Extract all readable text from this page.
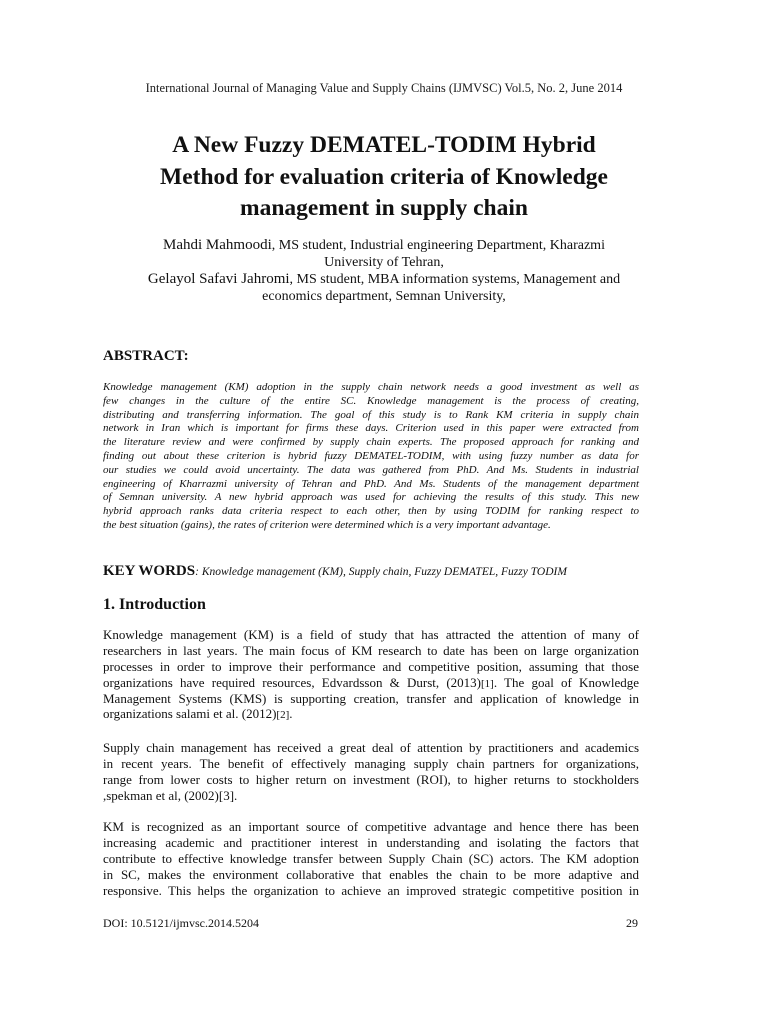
International Journal of Managing Value and Supply Chains (IJMVSC) Vol.5, No. 2, June 2014
A New Fuzzy DEMATEL-TODIM Hybrid
Method for evaluation criteria of Knowledge
management in supply chain
Mahdi Mahmoodi, MS student, Industrial engineering Department, Kharazmi
University of Tehran,
Gelayol Safavi Jahromi, MS student, MBA information systems, Management and
economics department, Semnan University,
ABSTRACT:
Knowledge management (KM) adoption in the supply chain network needs a good investment as well as
few changes in the culture of the entire SC. Knowledge management is the process of creating,
distributing and transferring information. The goal of this study is to Rank KM criteria in supply chain
network in Iran which is important for firms these days. Criterion used in this paper were extracted from
the literature review and were confirmed by supply chain experts. The proposed approach for ranking and
finding out about these criterion is hybrid fuzzy DEMATEL-TODIM, with using fuzzy number as data for
our studies we could avoid uncertainty. The data was gathered from PhD. And Ms. Students in industrial
engineering of Kharrazmi university of Tehran and PhD. And Ms. Students of the management department
of Semnan university. A new hybrid approach was used for achieving the results of this study. This new
hybrid approach ranks data criteria respect to each other, then by using TODIM for ranking respect to
the best situation (gains), the rates of criterion were determined which is a very important advantage.
KEY WORDS: Knowledge management (KM), Supply chain, Fuzzy DEMATEL, Fuzzy TODIM
1. Introduction
Knowledge management (KM) is a field of study that has attracted the attention of many of
researchers in last years. The main focus of KM research to date has been on large organization
processes in order to improve their performance and competitive position, assuming that those
organizations have required resources, Edvardsson & Durst, (2013)[1]. The goal of Knowledge
Management Systems (KMS) is supporting creation, transfer and application of knowledge in
organizations salami et al. (2012)[2].
Supply chain management has received a great deal of attention by practitioners and academics
in recent years. The benefit of effectively managing supply chain partners for organizations,
range from lower costs to higher return on investment (ROI), to higher returns to stockholders
,spekman et al, (2002)[3].
KM is recognized as an important source of competitive advantage and hence there has been
increasing academic and practitioner interest in understanding and isolating the factors that
contribute to effective knowledge transfer between Supply Chain (SC) actors. The KM adoption
in SC, makes the environment collaborative that enables the chain to be more adaptive and
responsive. This helps the organization to achieve an improved strategic competitive position in
DOI: 10.5121/ijmvsc.2014.5204	29
